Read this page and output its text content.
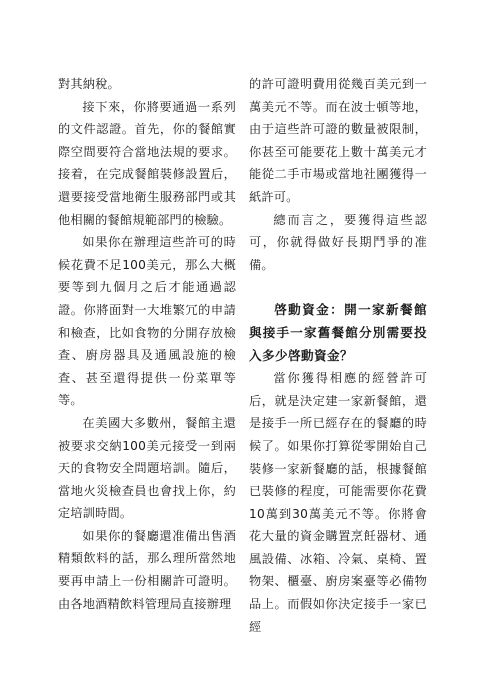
對其納稅。

接下來，你將要通過一系列的文件認證。首先，你的餐館實際空間要符合當地法規的要求。接着，在完成餐館裝修設置后，還要接受當地衛生服務部門或其他相關的餐館規範部門的檢驗。

如果你在辦理這些許可的時候花費不足100美元，那么大概要等到九個月之后才能通過認證。你將面對一大堆繁冗的申請和檢查，比如食物的分開存放檢查、廚房器具及通風設施的檢查、甚至還得提供一份菜單等等。

在美國大多數州，餐館主還被要求交納100美元接受一到兩天的食物安全問題培訓。隨后，當地火災檢查員也會找上你，約定培訓時間。

如果你的餐廳還准備出售酒精類飲料的話，那么理所當然地要再申請上一份相關許可證明。由各地酒精飲料管理局直接辦理

的許可證明費用從幾百美元到一萬美元不等。而在波士頓等地，由于這些許可證的數量被限制，你甚至可能要花上數十萬美元才能從二手市場或當地社團獲得一紙許可。

總而言之，要獲得這些認可，你就得做好長期鬥爭的准備。

啓動資金：開一家新餐館與接手一家舊餐館分別需要投入多少啓動資金？

當你獲得相應的經營許可后，就是決定建一家新餐館，還是接手一所已經存在的餐廳的時候了。如果你打算從零開始自己裝修一家新餐廳的話，根據餐館已裝修的程度，可能需要你花費10萬到30萬美元不等。你將會花大量的資金購置烹飪器材、通風設備、冰箱、冷氣、桌椅、置物架、櫃臺、廚房案臺等必備物品上。而假如你決定接手一家已經
